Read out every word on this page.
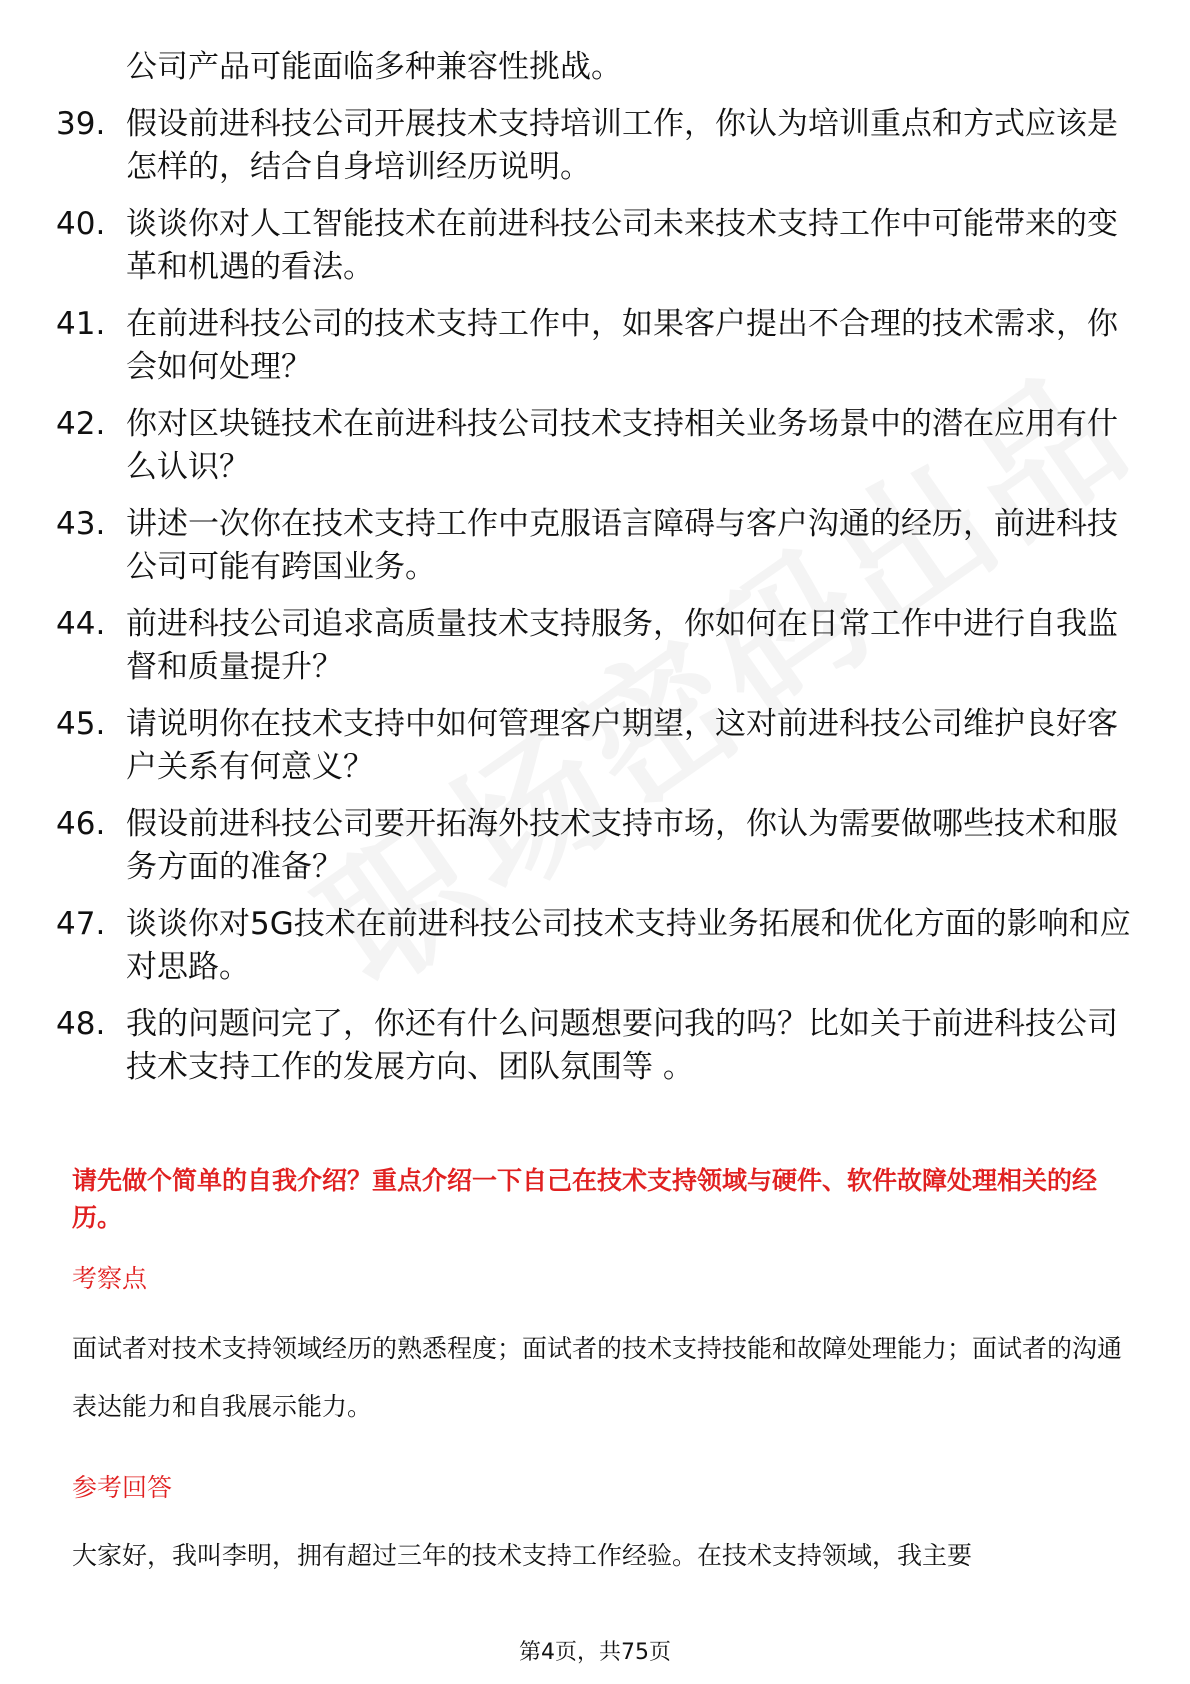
公司产品可能面临多种兼容性挑战。
39. 假设前进科技公司开展技术支持培训工作，你认为培训重点和方式应该是怎样的，结合自身培训经历说明。
40. 谈谈你对人工智能技术在前进科技公司未来技术支持工作中可能带来的变革和机遇的看法。
41. 在前进科技公司的技术支持工作中，如果客户提出不合理的技术需求，你会如何处理？
42. 你对区块链技术在前进科技公司技术支持相关业务场景中的潜在应用有什么认识？
43. 讲述一次你在技术支持工作中克服语言障碍与客户沟通的经历，前进科技公司可能有跨国业务。
44. 前进科技公司追求高质量技术支持服务，你如何在日常工作中进行自我监督和质量提升？
45. 请说明你在技术支持中如何管理客户期望，这对前进科技公司维护良好客户关系有何意义？
46. 假设前进科技公司要开拓海外技术支持市场，你认为需要做哪些技术和服务方面的准备？
47. 谈谈你对5G技术在前进科技公司技术支持业务拓展和优化方面的影响和应对思路。
48. 我的问题问完了，你还有什么问题想要问我的吗？比如关于前进科技公司技术支持工作的发展方向、团队氛围等 。
请先做个简单的自我介绍？重点介绍一下自己在技术支持领域与硬件、软件故障处理相关的经历。
考察点
面试者对技术支持领域经历的熟悉程度；面试者的技术支持技能和故障处理能力；面试者的沟通表达能力和自我展示能力。
参考回答
大家好，我叫李明，拥有超过三年的技术支持工作经验。在技术支持领域，我主要
第4页，共75页
